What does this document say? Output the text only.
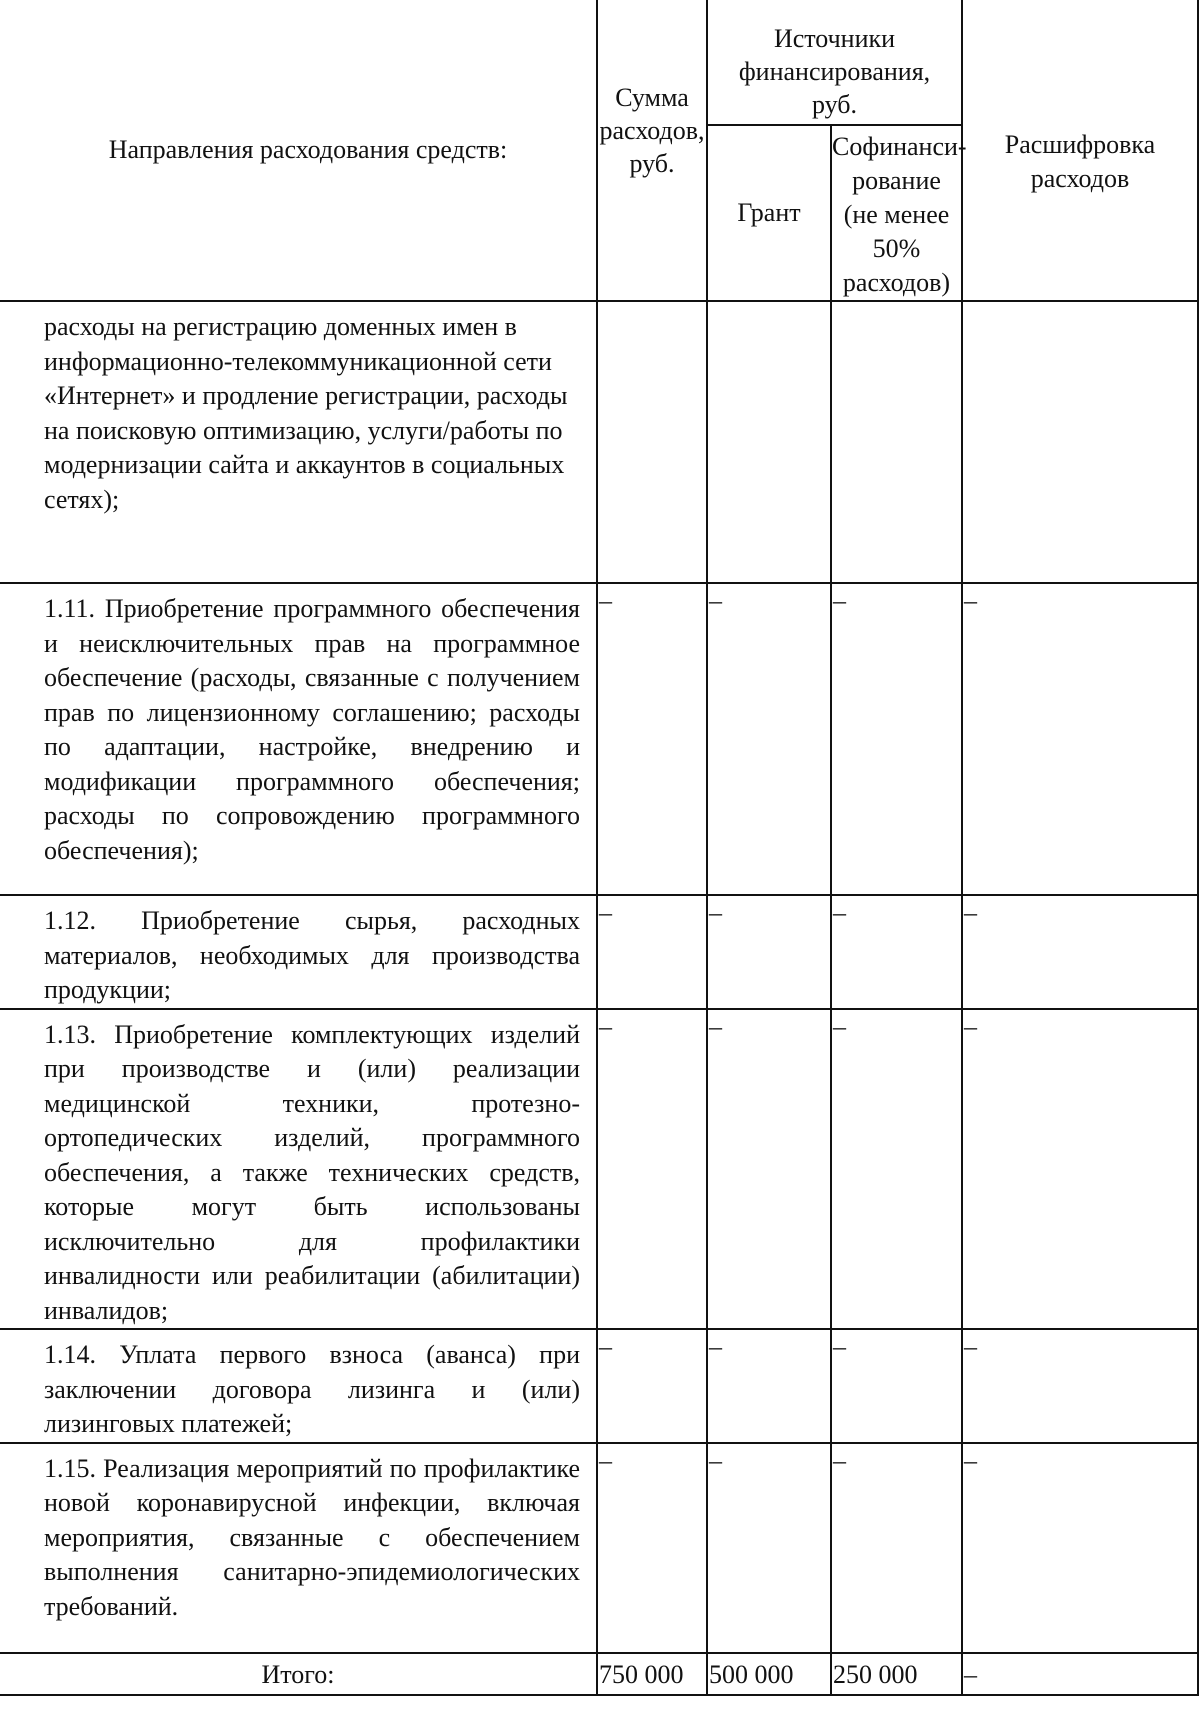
Направления расходования средств:	Сумма расходов, руб.	Источники финансирования, руб.		Расшифровка расходов
		Грант	Софинанси-рование (не менее 50% расходов)	
расходы на регистрацию доменных имен в информационно-телекоммуникационной сети «Интернет» и продление регистрации, расходы на поисковую оптимизацию, услуги/работы по модернизации сайта и аккаунтов в социальных сетях);				
1.11. Приобретение программного обеспечения и неисключительных прав на программное обеспечение (расходы, связанные с получением прав по лицензионному соглашению; расходы по адаптации, настройке, внедрению и модификации программного обеспечения; расходы по сопровождению программного обеспечения);	–	–	–	–
1.12. Приобретение сырья, расходных материалов, необходимых для производства продукции;	–	–	–	–
1.13. Приобретение комплектующих изделий при производстве и (или) реализации медицинской техники, протезно-ортопедических изделий, программного обеспечения, а также технических средств, которые могут быть использованы исключительно для профилактики инвалидности или реабилитации (абилитации) инвалидов;	–	–	–	–
1.14. Уплата первого взноса (аванса) при заключении договора лизинга и (или) лизинговых платежей;	–	–	–	–
1.15. Реализация мероприятий по профилактике новой коронавирусной инфекции, включая мероприятия, связанные с обеспечением выполнения санитарно-эпидемиологических требований.	–	–	–	–
Итого:	750 000	500 000	250 000	–
